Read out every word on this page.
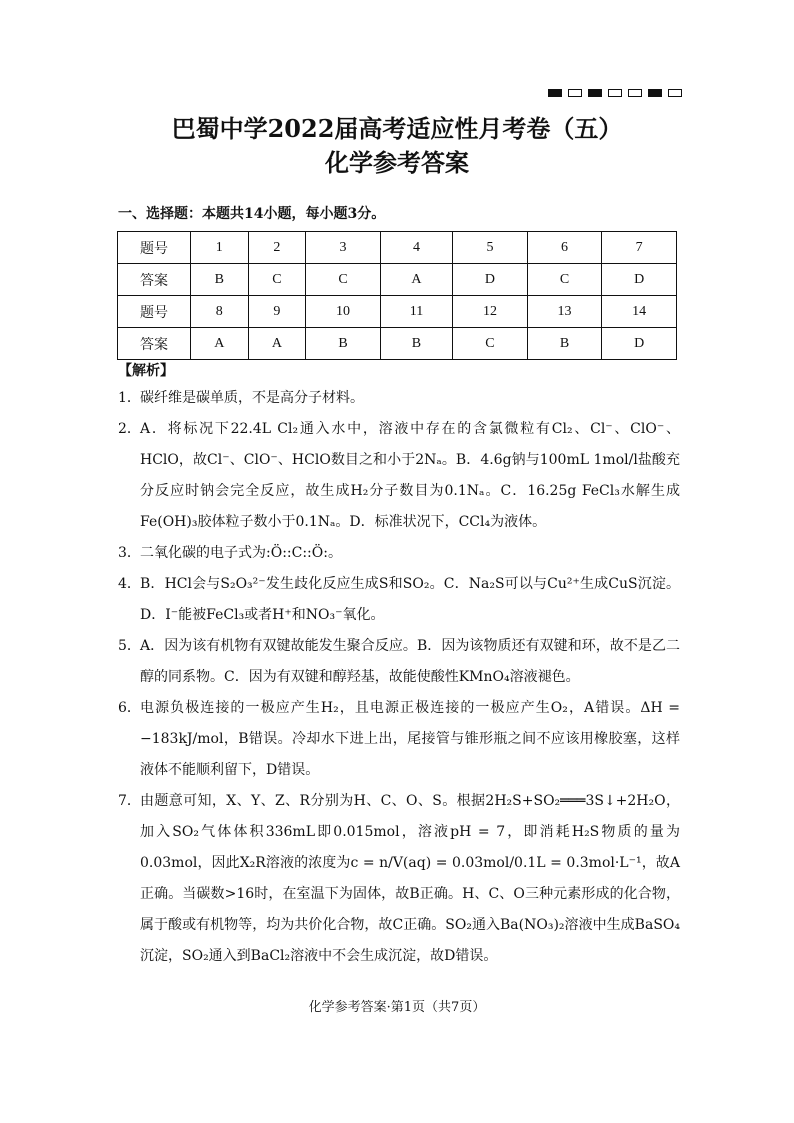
巴蜀中学2022届高考适应性月考卷（五）
化学参考答案
一、选择题：本题共14小题，每小题3分。
题号	1	2	3	4	5	6	7
答案	B	C	C	A	D	C	D
题号	8	9	10	11	12	13	14
答案	A	A	B	B	C	B	D
【解析】
1． 碳纤维是碳单质，不是高分子材料。
2． A．将标况下22.4L Cl₂通入水中，溶液中存在的含氯微粒有Cl₂、Cl⁻、ClO⁻、HClO，故Cl⁻、ClO⁻、HClO数目之和小于2Nₐ。B．4.6g钠与100mL 1mol/l盐酸充分反应时钠会完全反应，故生成H₂分子数目为0.1Nₐ。C．16.25g FeCl₃水解生成Fe(OH)₃胶体粒子数小于0.1Nₐ。D．标准状况下，CCl₄为液体。
3． 二氧化碳的电子式为:Ö::C::Ö:。
4． B．HCl会与S₂O₃²⁻发生歧化反应生成S和SO₂。C．Na₂S可以与Cu²⁺生成CuS沉淀。D．I⁻能被FeCl₃或者H⁺和NO₃⁻氧化。
5． A．因为该有机物有双键故能发生聚合反应。B．因为该物质还有双键和环，故不是乙二醇的同系物。C．因为有双键和醇羟基，故能使酸性KMnO₄溶液褪色。
6． 电源负极连接的一极应产生H₂，且电源正极连接的一极应产生O₂，A错误。ΔH = −183kJ/mol，B错误。冷却水下进上出，尾接管与锥形瓶之间不应该用橡胶塞，这样液体不能顺利留下，D错误。
7． 由题意可知，X、Y、Z、R分别为H、C、O、S。根据2H₂S+SO₂═══3S↓+2H₂O，加入SO₂气体体积336mL即0.015mol，溶液pH = 7，即消耗H₂S物质的量为0.03mol，因此X₂R溶液的浓度为c = n/V(aq) = 0.03mol/0.1L = 0.3mol·L⁻¹，故A正确。当碳数>16时，在室温下为固体，故B正确。H、C、O三种元素形成的化合物，属于酸或有机物等，均为共价化合物，故C正确。SO₂通入Ba(NO₃)₂溶液中生成BaSO₄沉淀，SO₂通入到BaCl₂溶液中不会生成沉淀，故D错误。
化学参考答案·第1页（共7页）
